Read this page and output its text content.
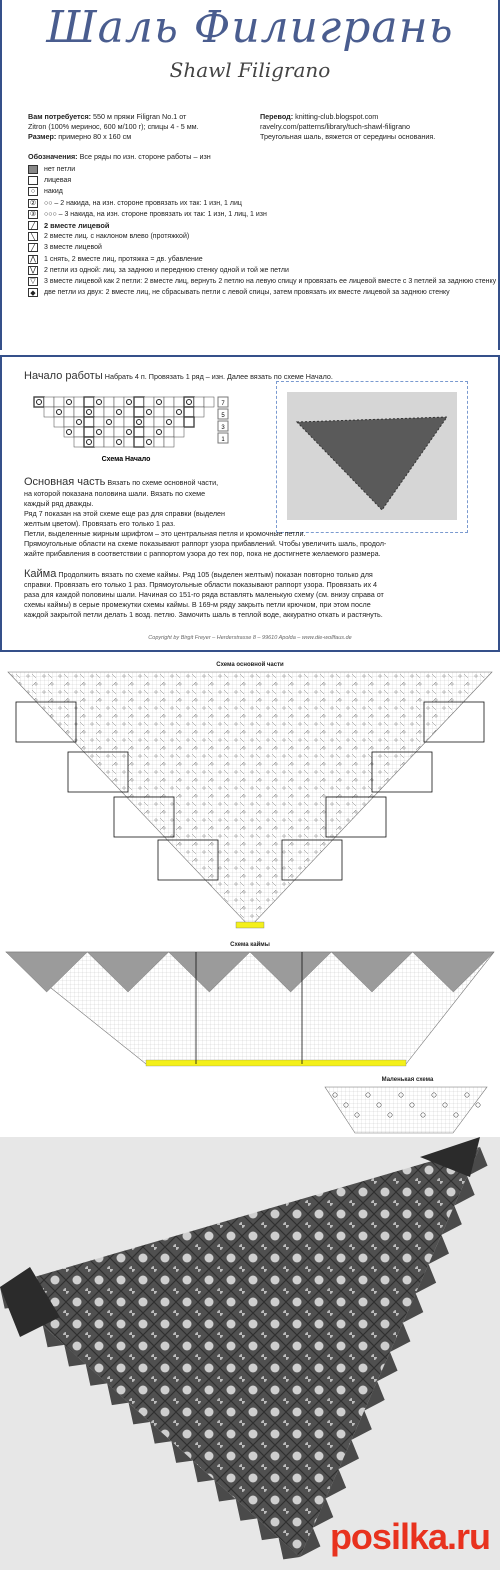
Шаль Филигрань
Shawl Filigrano
Вам потребуется: 550 м пряжи Filigran No.1 от
Zitron (100% меринос, 600 м/100 г); спицы 4 - 5 мм.
Размер: примерно 80 х 160 см
Перевод: knitting-club.blogspot.com
ravelry.com/patterns/library/tuch-shawl-filigrano
Треугольная шаль, вяжется от середины основания.
Обозначения: Все ряды по изн. стороне работы – изн
нет петли
лицевая
○	накид
② ○○ – 2 накида, на изн. стороне провязать их так: 1 изн, 1 лиц
③ ○○○ – 3 накида, на изн. стороне провязать их так: 1 изн, 1 лиц, 1 изн
╱	2 вместе лицевой
╲	2 вместе лиц. с наклоном влево (протяжкой)
╱	3 вместе лицевой
⋀	1 снять, 2 вместе лиц, протяжка = дв. убавление
⋁	2 петли из одной: лиц. за заднюю и переднюю стенку одной и той же петли
▽	3 вместе лицевой как 2 петли: 2 вместе лиц, вернуть 2 петлю на левую спицу и провязать ее лицевой вместе с 3 петлей за заднюю стенку
◆	две петли из двух: 2 вместе лиц, не сбрасывать петли с левой спицы, затем провязать их вместе лицевой за заднюю стенку
Начало работы Набрать 4 п. Провязать 1 ряд – изн. Далее вязать по схеме Начало.
7
5
3
1
Схема Начало
Основная часть Вязать по схеме основной части,
на которой показана половина шали. Вязать по схеме
каждый ряд дважды.
Ряд 7 показан на этой схеме еще раз для справки (выделен
желтым цветом). Провязать его только 1 раз.
Петли, выделенные жирным шрифтом – это центральная петля и кромочные петли.
Прямоугольные области на схеме показывают раппорт узора прибавлений. Чтобы увеличить шаль, продол-
жайте прибавления в соответствии с раппортом узора до тех пор, пока не достигнете желаемого размера.
Кайма Продолжить вязать по схеме каймы. Ряд 105 (выделен желтым) показан повторно только для
справки. Провязать его только 1 раз. Прямоугольные области показывают раппорт узора. Провязать их 4
раза для каждой половины шали. Начиная со 151-го ряда вставлять маленькую схему (см. внизу справа от
схемы каймы) в серые промежутки схемы каймы. В 169-м ряду закрыть петли крючком, при этом после
каждой закрытой петли делать 1 возд. петлю. Замочить шаль в теплой воде, аккуратно откать и растянуть.
Copyright by Birgit Freyer – Herderstrasse 8 – 99610 Apolda – www.die-wollfaus.de
Схема основной части
Схема каймы
Маленькая схема
posilka.ru
